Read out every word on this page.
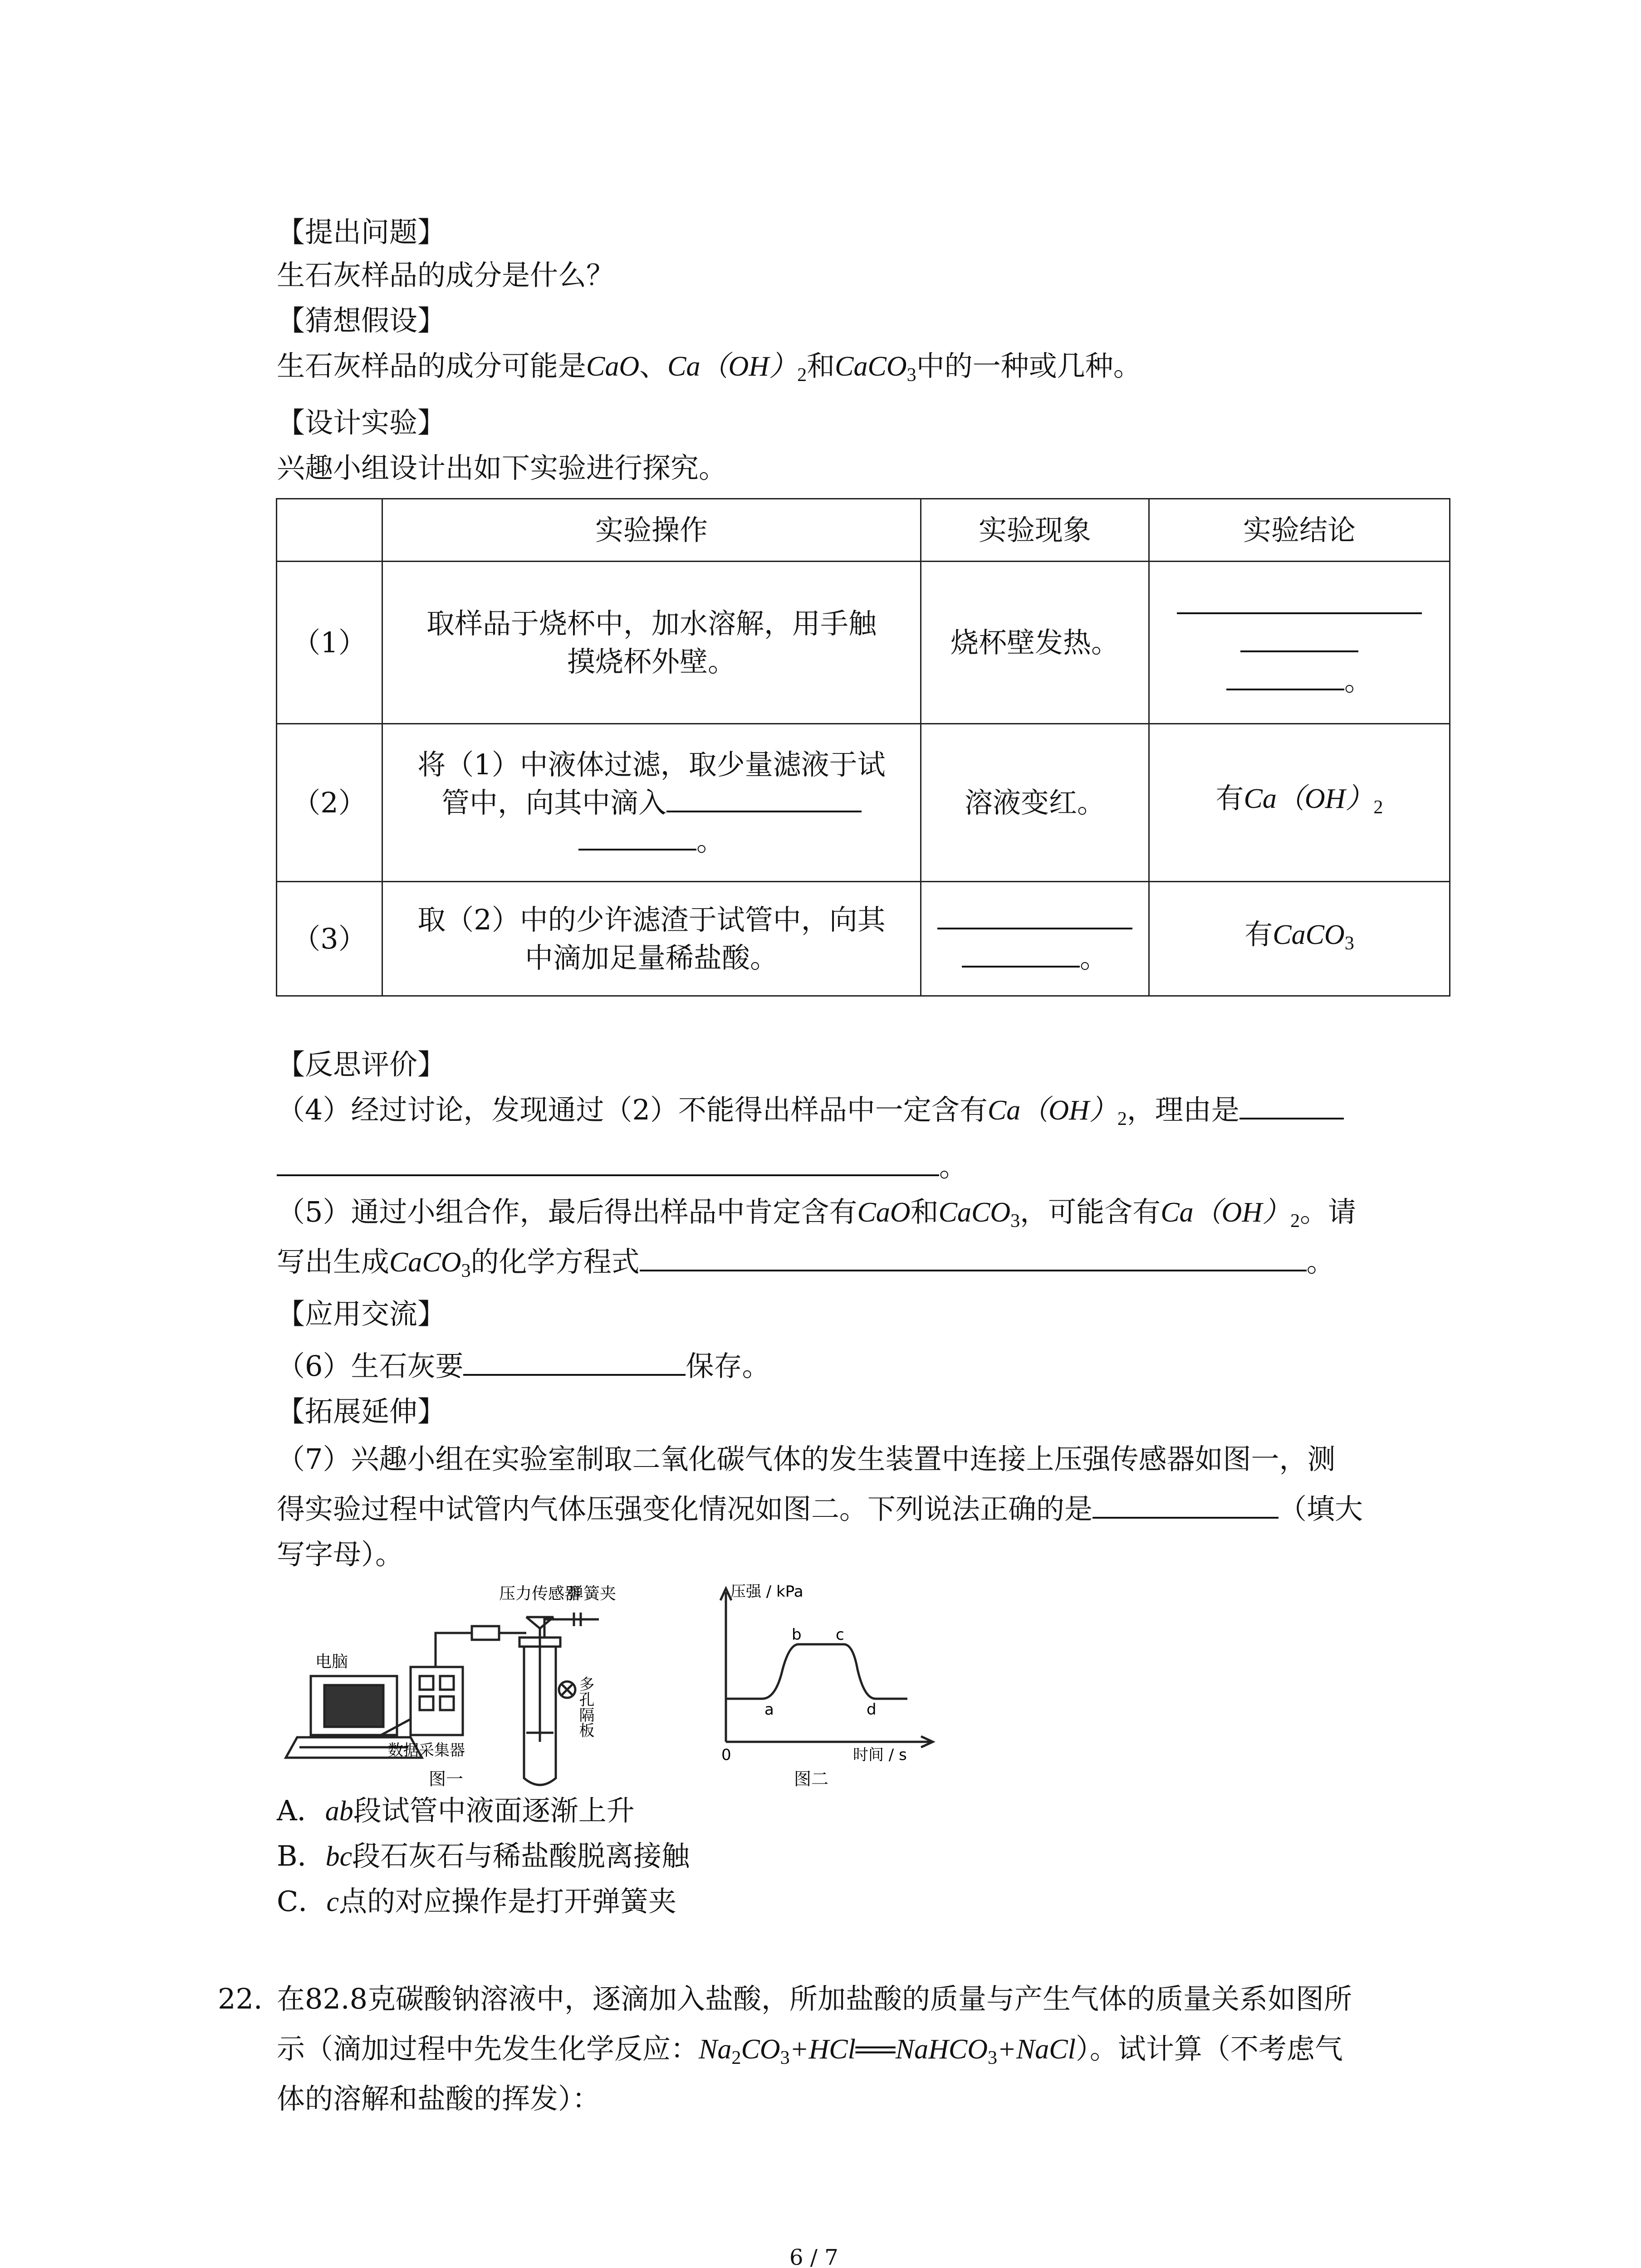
【提出问题】
生石灰样品的成分是什么？
【猜想假设】
生石灰样品的成分可能是CaO、$Ca(OH)_2$和CaCO$_3$中的一种或几种。
【设计实验】
兴趣小组设计出如下实验进行探究。
	实验操作	实验现象	实验结论
（1）	取样品于烧杯中，加水溶解，用手触
摸烧杯外壁。	烧杯壁发热。	。

（2）	将（1）中液体过滤，取少量滤液于试
管中，向其中滴入
。	溶液变红。	有$Ca(OH)_2$
（3）	取（2）中的少许滤渣于试管中，向其
中滴加足量稀盐酸。	。	有CaCO$_3$
【反思评价】
（4）经过讨论，发现通过（2）不能得出样品中一定含有$Ca(OH)_2$，理由是
。
（5）通过小组合作，最后得出样品中肯定含有CaO和CaCO$_3$，可能含有$Ca(OH)_2$。请
写出生成CaCO$_3$的化学方程式	。
【应用交流】
（6）生石灰要	保存。
【拓展延伸】
（7）兴趣小组在实验室制取二氧化碳气体的发生装置中连接上压强传感器如图一，测
得实验过程中试管内气体压强变化情况如图二。下列说法正确的是	（填大
写字母）。
压力传感器
弹簧夹
电脑
数据采集器
多孔隔板
图一
压强 / kPa
时间 / s
0
a
b c
d
图二
A．ab段试管中液面逐渐上升
B．bc段石灰石与稀盐酸脱离接触
C．c点的对应操作是打开弹簧夹
22. 在82.8克碳酸钠溶液中，逐滴加入盐酸，所加盐酸的质量与产生气体的质量关系如图所
示（滴加过程中先发生化学反应：$Na_2CO_3+HCl══NaHCO_3+NaCl$）。试计算（不考虑气
体的溶解和盐酸的挥发）：
6 / 7
